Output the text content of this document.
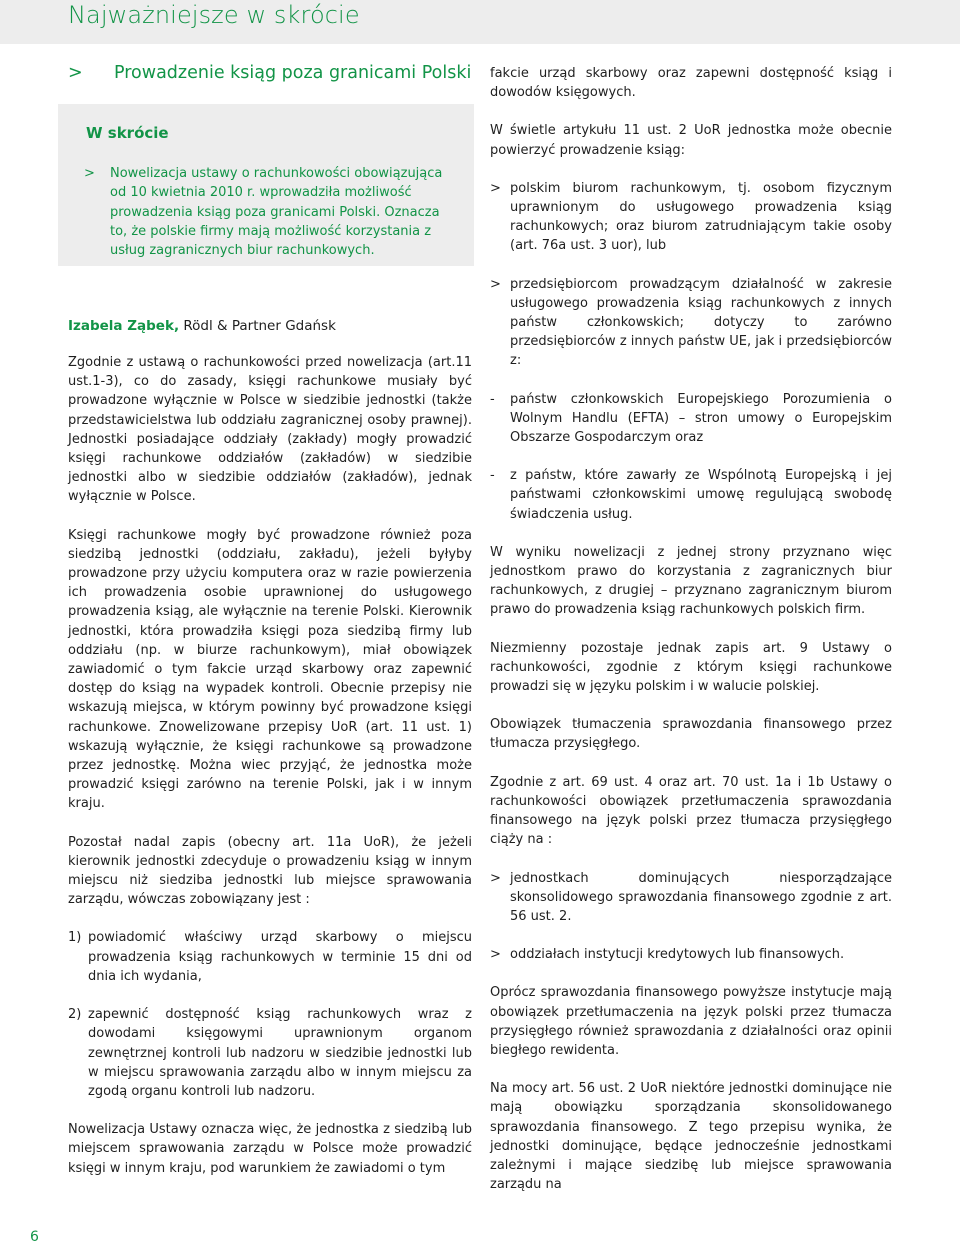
Najważniejsze w skrócie
> Prowadzenie ksiąg poza granicami Polski
W skrócie
>	Nowelizacja ustawy o rachunkowości obowiązująca od 10 kwietnia 2010 r. wprowadziła możliwość prowadzenia ksiąg poza granicami Polski. Oznacza to, że polskie firmy mają możliwość korzystania z usług zagranicznych biur rachunkowych.
Izabela Ząbek, Rödl & Partner Gdańsk

Zgodnie z ustawą o rachunkowości przed nowelizacja (art.11 ust.1-3), co do zasady, księgi rachunkowe musiały być prowadzone wyłącznie w Polsce w siedzibie jednostki (także przedstawicielstwa lub oddziału zagranicznej osoby prawnej). Jednostki posiadające oddziały (zakłady) mogły prowadzić księgi rachunkowe oddziałów (zakładów) w siedzibie jednostki albo w siedzibie oddziałów (zakładów), jednak wyłącznie w Polsce.

Księgi rachunkowe mogły być prowadzone również poza siedzibą jednostki (oddziału, zakładu), jeżeli byłyby prowadzone przy użyciu komputera oraz w razie powierzenia ich prowadzenia osobie uprawnionej do usługowego prowadzenia ksiąg, ale wyłącznie na terenie Polski. Kierownik jednostki, która prowadziła księgi poza siedzibą firmy lub oddziału (np. w biurze rachunkowym), miał obowiązek zawiadomić o tym fakcie urząd skarbowy oraz zapewnić dostęp do ksiąg na wypadek kontroli. Obecnie przepisy nie wskazują miejsca, w którym powinny być prowadzone księgi rachunkowe. Znowelizowane przepisy UoR (art. 11 ust. 1) wskazują wyłącznie, że księgi rachunkowe są prowadzone przez jednostkę. Można wiec przyjąć, że jednostka może prowadzić księgi zarówno na terenie Polski, jak i w innym kraju.

Pozostał nadal zapis (obecny art. 11a UoR), że jeżeli kierownik jednostki zdecyduje o prowadzeniu ksiąg w innym miejscu niż siedziba jednostki lub miejsce sprawowania zarządu, wówczas zobowiązany jest :

1) powiadomić właściwy urząd skarbowy o miejscu prowadzenia ksiąg rachunkowych w terminie 15 dni od dnia ich wydania,
2) zapewnić dostępność ksiąg rachunkowych wraz z dowodami księgowymi uprawnionym organom zewnętrznej kontroli lub nadzoru w siedzibie jednostki lub w miejscu sprawowania zarządu albo w innym miejscu za zgodą organu kontroli lub nadzoru.

Nowelizacja Ustawy oznacza więc, że jednostka z siedzibą lub miejscem sprawowania zarządu w Polsce może prowadzić księgi w innym kraju, pod warunkiem że zawiadomi o tym

fakcie urząd skarbowy oraz zapewni dostępność ksiąg i dowodów księgowych.

W świetle artykułu 11 ust. 2 UoR jednostka może obecnie powierzyć prowadzenie ksiąg:

> polskim biurom rachunkowym, tj. osobom fizycznym uprawnionym do usługowego prowadzenia ksiąg rachunkowych; oraz biurom zatrudniającym takie osoby (art. 76a ust. 3 uor), lub
> przedsiębiorcom prowadzącym działalność w zakresie usługowego prowadzenia ksiąg rachunkowych z innych państw członkowskich; dotyczy to zarówno przedsiębiorców z innych państw UE, jak i przedsiębiorców z:
-	państw członkowskich Europejskiego Porozumienia o Wolnym Handlu (EFTA) – stron umowy o Europejskim Obszarze Gospodarczym oraz
-	z państw, które zawarły ze Wspólnotą Europejską i jej państwami członkowskimi umowę regulującą swobodę świadczenia usług.

W wyniku nowelizacji z jednej strony przyznano więc jednostkom prawo do korzystania z zagranicznych biur rachunkowych, z drugiej – przyznano zagranicznym biurom prawo do prowadzenia ksiąg rachunkowych polskich firm.

Niezmienny pozostaje jednak zapis art. 9 Ustawy o rachunkowości, zgodnie z którym księgi rachunkowe prowadzi się w języku polskim i w walucie polskiej.

Obowiązek tłumaczenia sprawozdania finansowego przez tłumacza przysięgłego.

Zgodnie z art. 69 ust. 4 oraz art. 70 ust. 1a i 1b Ustawy o rachunkowości obowiązek przetłumaczenia sprawozdania finansowego na język polski przez tłumacza przysięgłego ciąży na :

> jednostkach dominujących niesporządzające skonsolidowego sprawozdania finansowego zgodnie z art. 56 ust. 2.
> oddziałach instytucji kredytowych lub finansowych.

Oprócz sprawozdania finansowego powyższe instytucje mają obowiązek przetłumaczenia na język polski przez tłumacza przysięgłego również sprawozdania z działalności oraz opinii biegłego rewidenta.

Na mocy art. 56 ust. 2 UoR niektóre jednostki dominujące nie mają obowiązku sporządzania skonsolidowanego sprawozdania finansowego. Z tego przepisu wynika, że jednostki dominujące, będące jednocześnie jednostkami zależnymi i mające siedzibę lub miejsce sprawowania zarządu na

6
